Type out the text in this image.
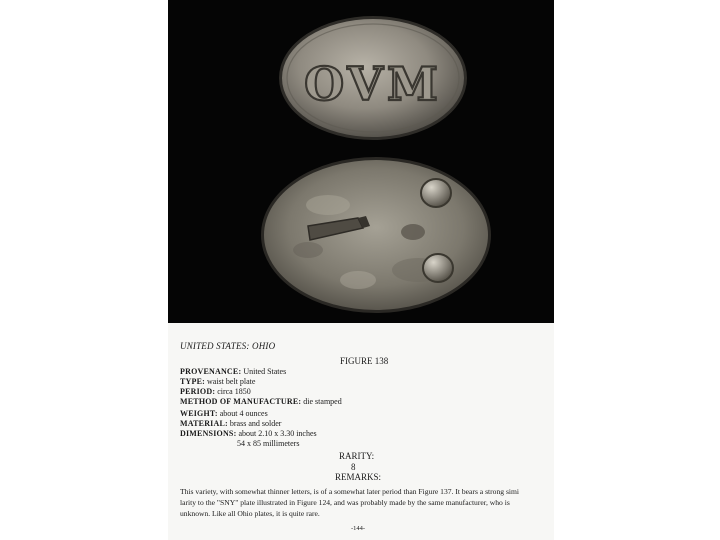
OVM
UNITED STATES: OHIO
FIGURE 138
PROVENANCE: United States
TYPE: waist belt plate
PERIOD: circa 1850
METHOD OF MANUFACTURE: die stamped
WEIGHT: about 4 ounces
MATERIAL: brass and solder
DIMENSIONS: about 2.10 x 3.30 inches
54 x 85 millimeters
RARITY:
8
REMARKS:
This variety, with somewhat thinner letters, is of a somewhat later period than Figure 137. It bears a strong simi
larity to the "SNY" plate illustrated in Figure 124, and was probably made by the same manufacturer, who is
unknown. Like all Ohio plates, it is quite rare.
-144-
